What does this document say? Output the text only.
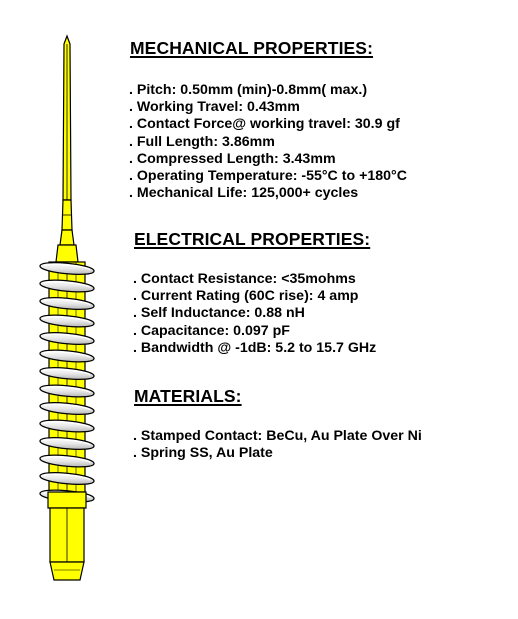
MECHANICAL PROPERTIES:
. Pitch: 0.50mm (min)-0.8mm( max.)
. Working Travel: 0.43mm
. Contact Force@ working travel: 30.9 gf
. Full Length: 3.86mm
. Compressed Length: 3.43mm
. Operating Temperature: -55°C to +180°C
. Mechanical Life: 125,000+ cycles
ELECTRICAL PROPERTIES:
. Contact Resistance: <35mohms
. Current Rating (60C rise): 4 amp
. Self Inductance: 0.88 nH
. Capacitance: 0.097 pF
. Bandwidth @ -1dB: 5.2 to 15.7 GHz
MATERIALS:
. Stamped Contact: BeCu, Au Plate Over Ni
. Spring SS, Au Plate
